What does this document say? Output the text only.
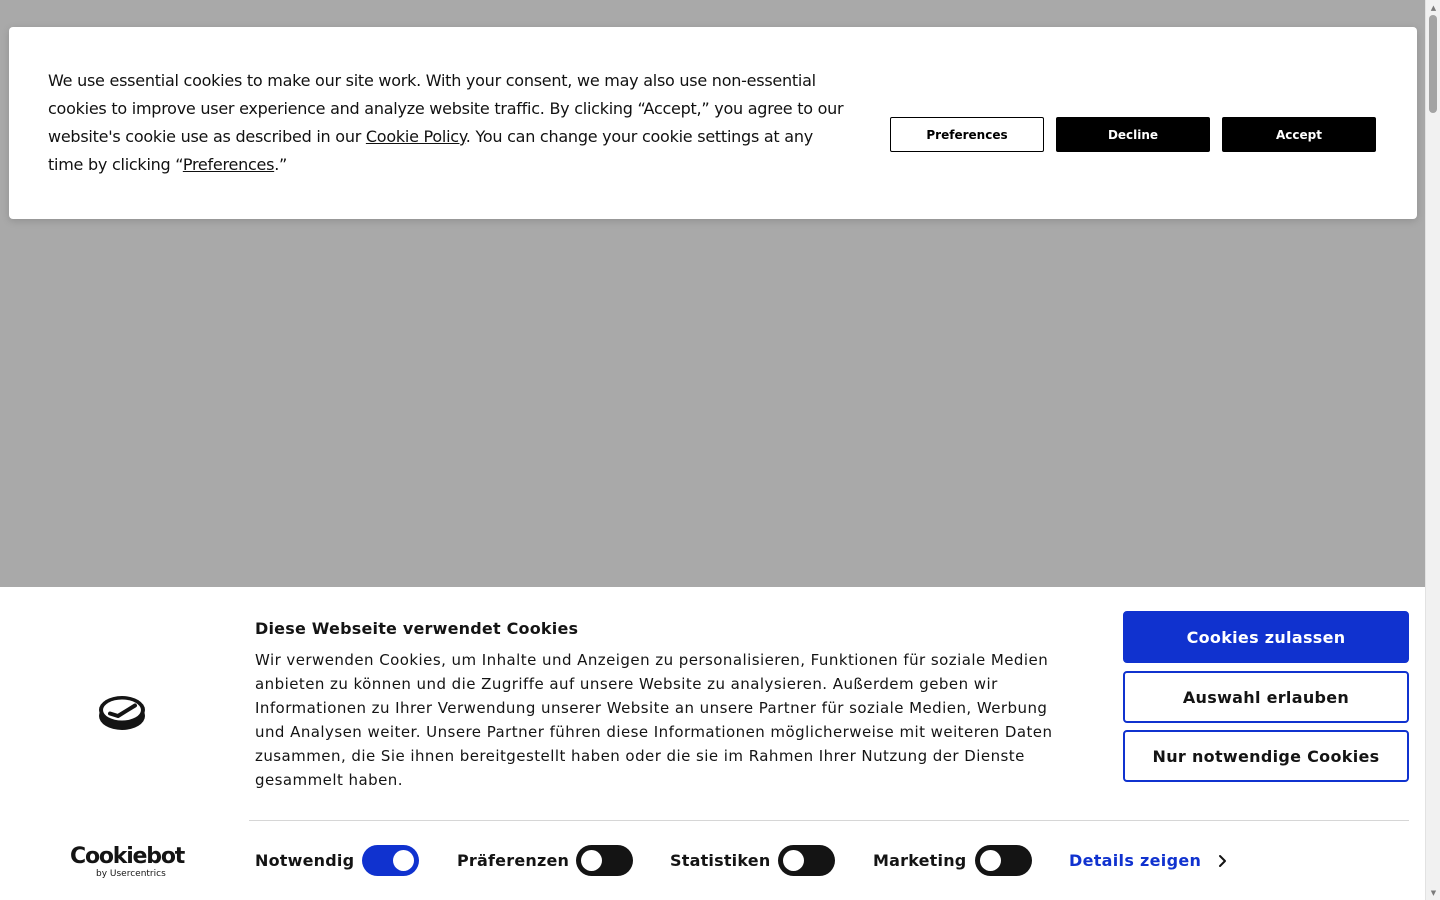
▲
▼
We use essential cookies to make our site work. With your consent, we may also use non-essential cookies to improve user experience and analyze website traffic. By clicking “Accept,” you agree to our website's cookie use as described in our Cookie Policy. You can change your cookie settings at any time by clicking “Preferences.”
Preferences	Decline	Accept
Diese Webseite verwendet Cookies
Wir verwenden Cookies, um Inhalte und Anzeigen zu personalisieren, Funktionen für soziale Medien anbieten zu können und die Zugriffe auf unsere Website zu analysieren. Außerdem geben wir Informationen zu Ihrer Verwendung unserer Website an unsere Partner für soziale Medien, Werbung und Analysen weiter. Unsere Partner führen diese Informationen möglicherweise mit weiteren Daten zusammen, die Sie ihnen bereitgestellt haben oder die sie im Rahmen Ihrer Nutzung der Dienste gesammelt haben.
Cookies zulassen
Auswahl erlauben
Nur notwendige Cookies
Cookiebot
by Usercentrics
Notwendig	Präferenzen	Statistiken	Marketing	Details zeigen
